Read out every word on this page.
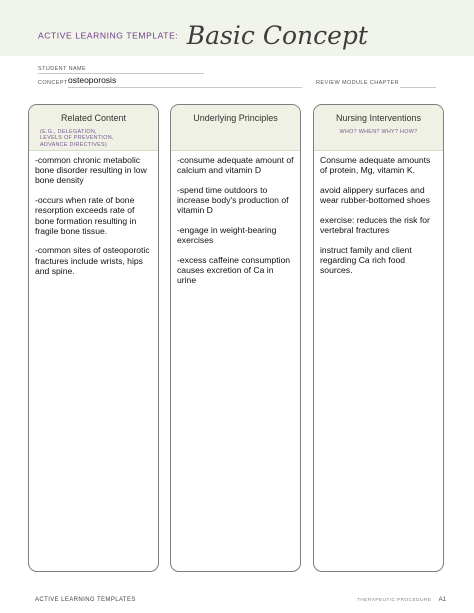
ACTIVE LEARNING TEMPLATE: Basic Concept
STUDENT NAME
CONCEPT osteoporosis	REVIEW MODULE CHAPTER
Related Content
(E.G., DELEGATION,
LEVELS OF PREVENTION,
ADVANCE DIRECTIVES)

-common chronic metabolic bone disorder resulting in low bone density

-occurs when rate of bone resorption exceeds rate of bone formation resulting in fragile bone tissue.

-common sites of osteoporotic fractures include wrists, hips and spine.

Underlying Principles

-consume adequate amount of calcium and vitamin D

-spend time outdoors to increase body's production of vitamin D

-engage in weight-bearing exercises

-excess caffeine consumption causes excretion of Ca in urine

Nursing Interventions
WHO? WHEN? WHY? HOW?

Consume adequate amounts of protein, Mg, vitamin K.

avoid alippery surfaces and wear rubber-bottomed shoes

exercise: reduces the risk for vertebral fractures

instruct family and client regarding Ca rich food sources.

ACTIVE LEARNING TEMPLATES	THERAPEUTIC PROCEDURE A1
